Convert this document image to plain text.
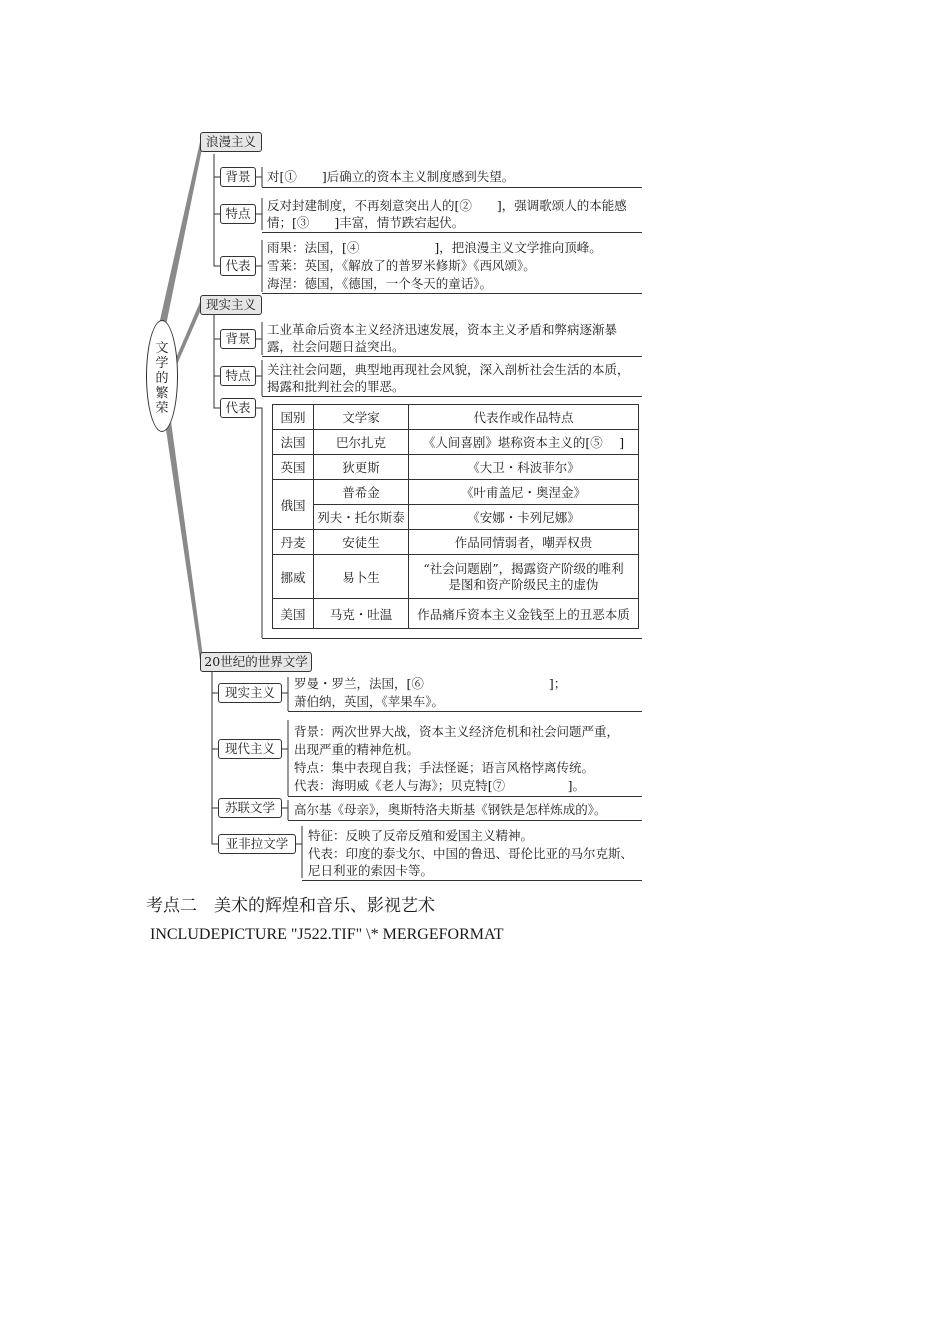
文学的繁荣
浪漫主义
背景	对[①　　]后确立的资本主义制度感到失望。
特点
反对封建制度，不再刻意突出人的[②　　]，强调歌颂人的本能感
情；[③　　]丰富，情节跌宕起伏。
代表
雨果：法国，[④　　　　　　]，把浪漫主义文学推向顶峰。
雪莱：英国，《解放了的普罗米修斯》《西风颂》。
海涅：德国，《德国，一个冬天的童话》。
现实主义
背景
工业革命后资本主义经济迅速发展，资本主义矛盾和弊病逐渐暴
露，社会问题日益突出。
特点	关注社会问题，典型地再现社会风貌，深入剖析社会生活的本质，
揭露和批判社会的罪恶。
代表
国别	文学家	代表作或作品特点
法国	巴尔扎克	《人间喜剧》堪称资本主义的[⑤　 ]
英国	狄更斯	《大卫・科波菲尔》
俄国	普希金	《叶甫盖尼・奥涅金》
	列夫・托尔斯泰	《安娜・卡列尼娜》
丹麦	安徒生	作品同情弱者，嘲弄权贵
挪威	易卜生	“社会问题剧”，揭露资产阶级的唯利
是图和资产阶级民主的虚伪

美国	马克・吐温	作品痛斥资本主义金钱至上的丑恶本质
20世纪的世界文学
现实主义
罗曼・罗兰，法国，[⑥　　　　　　　　　　]；
萧伯纳，英国，《苹果车》。
现代主义
背景：两次世界大战，资本主义经济危机和社会问题严重，
出现严重的精神危机。
特点：集中表现自我；手法怪诞；语言风格悖离传统。
代表：海明威《老人与海》；贝克特[⑦　　　　　]。
苏联文学	高尔基《母亲》，奥斯特洛夫斯基《钢铁是怎样炼成的》。
亚非拉文学
特征：反映了反帝反殖和爱国主义精神。
代表：印度的泰戈尔、中国的鲁迅、哥伦比亚的马尔克斯、
尼日利亚的索因卡等。
考点二　美术的辉煌和音乐、影视艺术
INCLUDEPICTURE "J522.TIF" \* MERGEFORMAT
